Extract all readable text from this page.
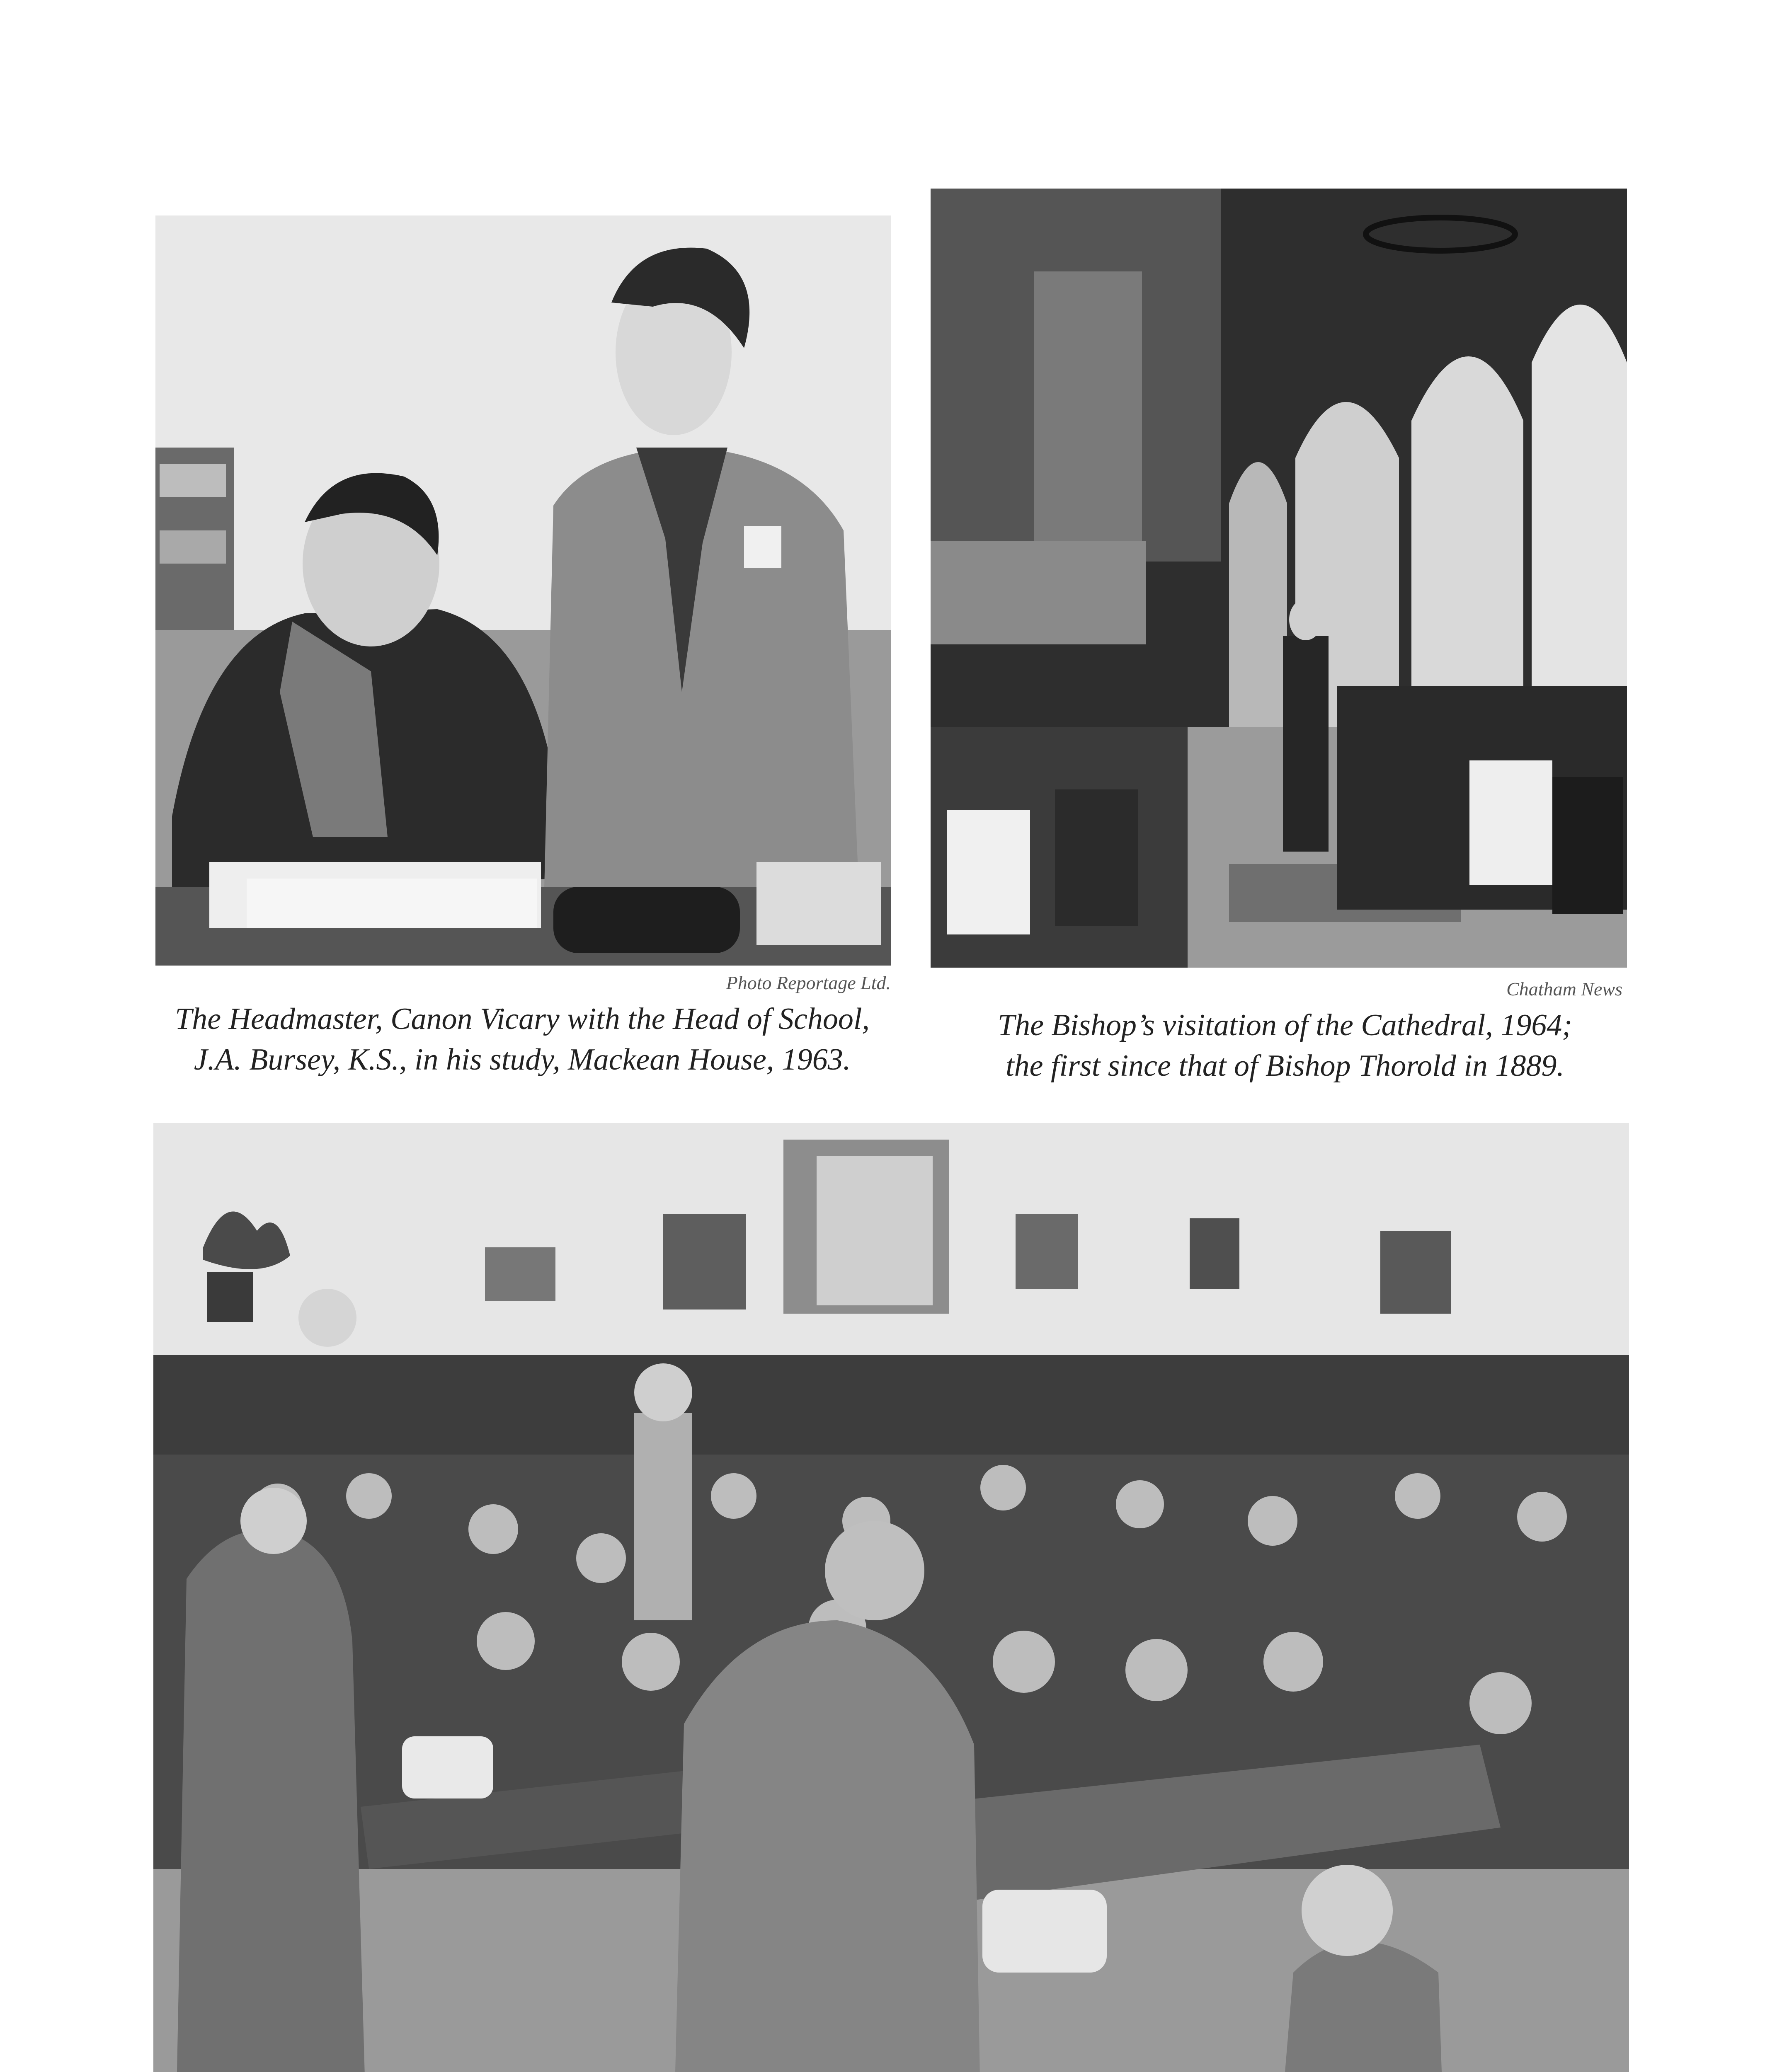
Photo Reportage Ltd.
The Headmaster, Canon Vicary with the Head of School,
J.A. Bursey, K.S., in his study, Mackean House, 1963.
Chatham News
The Bishop’s visitation of the Cathedral, 1964;
the first since that of Bishop Thorold in 1889.
